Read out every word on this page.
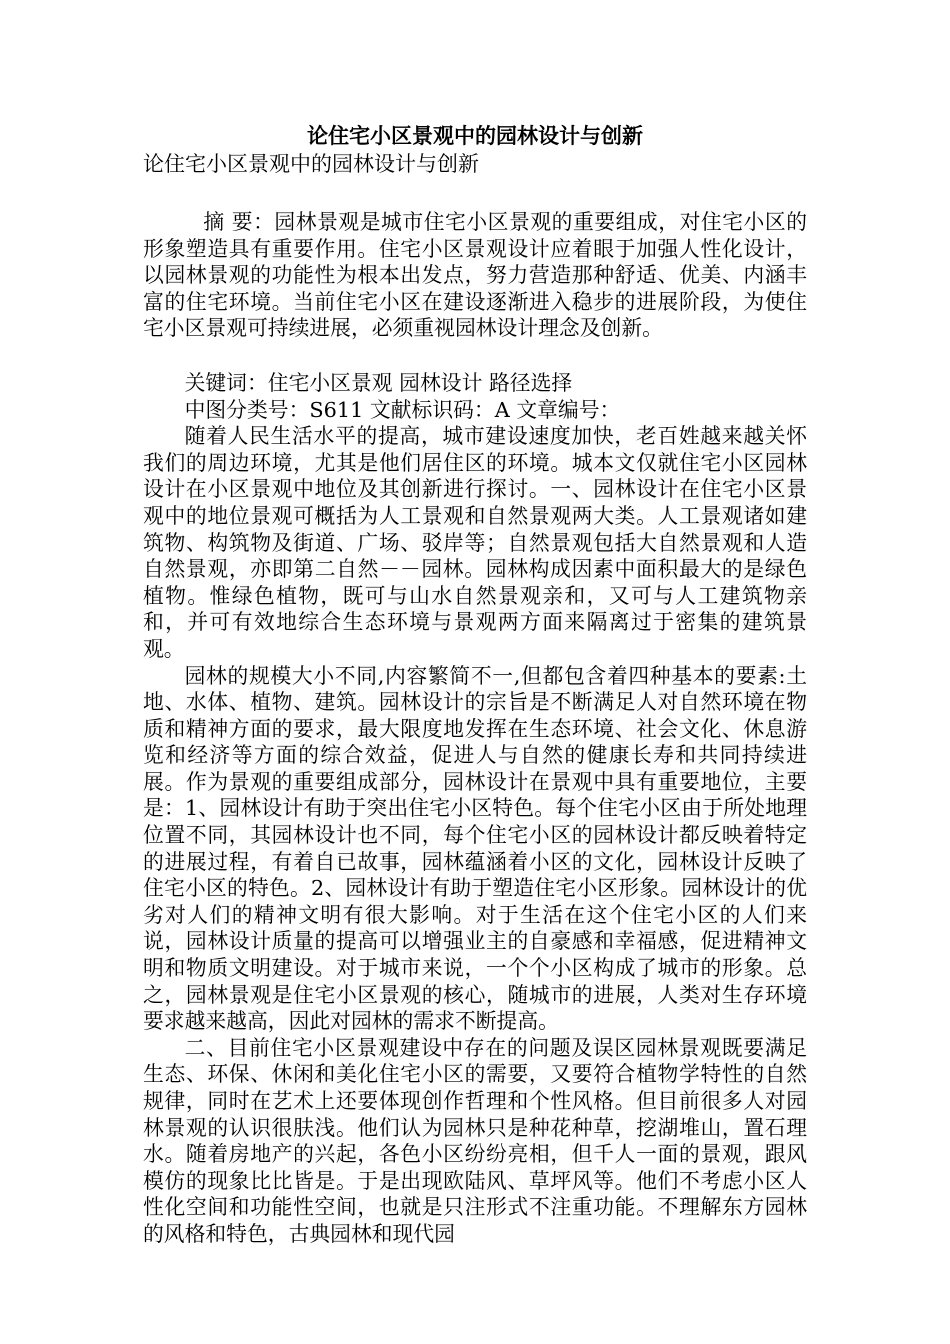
论住宅小区景观中的园林设计与创新
论住宅小区景观中的园林设计与创新

摘 要：园林景观是城市住宅小区景观的重要组成，对住宅小区的形象塑造具有重要作用。住宅小区景观设计应着眼于加强人性化设计，以园林景观的功能性为根本出发点，努力营造那种舒适、优美、内涵丰富的住宅环境。当前住宅小区在建设逐渐进入稳步的进展阶段，为使住宅小区景观可持续进展，必须重视园林设计理念及创新。

关键词：住宅小区景观 园林设计 路径选择

中图分类号：S611 文献标识码：A 文章编号：

随着人民生活水平的提高，城市建设速度加快，老百姓越来越关怀我们的周边环境，尤其是他们居住区的环境。城本文仅就住宅小区园林设计在小区景观中地位及其创新进行探讨。一、园林设计在住宅小区景观中的地位景观可概括为人工景观和自然景观两大类。人工景观诸如建筑物、构筑物及街道、广场、驳岸等；自然景观包括大自然景观和人造自然景观，亦即第二自然－－园林。园林构成因素中面积最大的是绿色植物。惟绿色植物，既可与山水自然景观亲和，又可与人工建筑物亲和，并可有效地综合生态环境与景观两方面来隔离过于密集的建筑景观。

园林的规模大小不同,内容繁简不一,但都包含着四种基本的要素:土地、水体、植物、建筑。园林设计的宗旨是不断满足人对自然环境在物质和精神方面的要求，最大限度地发挥在生态环境、社会文化、休息游览和经济等方面的综合效益，促进人与自然的健康长寿和共同持续进展。作为景观的重要组成部分，园林设计在景观中具有重要地位，主要是：1、园林设计有助于突出住宅小区特色。每个住宅小区由于所处地理位置不同，其园林设计也不同，每个住宅小区的园林设计都反映着特定的进展过程，有着自已故事，园林蕴涵着小区的文化，园林设计反映了住宅小区的特色。2、园林设计有助于塑造住宅小区形象。园林设计的优劣对人们的精神文明有很大影响。对于生活在这个住宅小区的人们来说，园林设计质量的提高可以增强业主的自豪感和幸福感，促进精神文明和物质文明建设。对于城市来说，一个个小区构成了城市的形象。总之，园林景观是住宅小区景观的核心，随城市的进展，人类对生存环境要求越来越高，因此对园林的需求不断提高。

二、目前住宅小区景观建设中存在的问题及误区园林景观既要满足生态、环保、休闲和美化住宅小区的需要，又要符合植物学特性的自然规律，同时在艺术上还要体现创作哲理和个性风格。但目前很多人对园林景观的认识很肤浅。他们认为园林只是种花种草，挖湖堆山，置石理水。随着房地产的兴起，各色小区纷纷亮相，但千人一面的景观，跟风模仿的现象比比皆是。于是出现欧陆风、草坪风等。他们不考虑小区人性化空间和功能性空间，也就是只注形式不注重功能。不理解东方园林的风格和特色，古典园林和现代园
